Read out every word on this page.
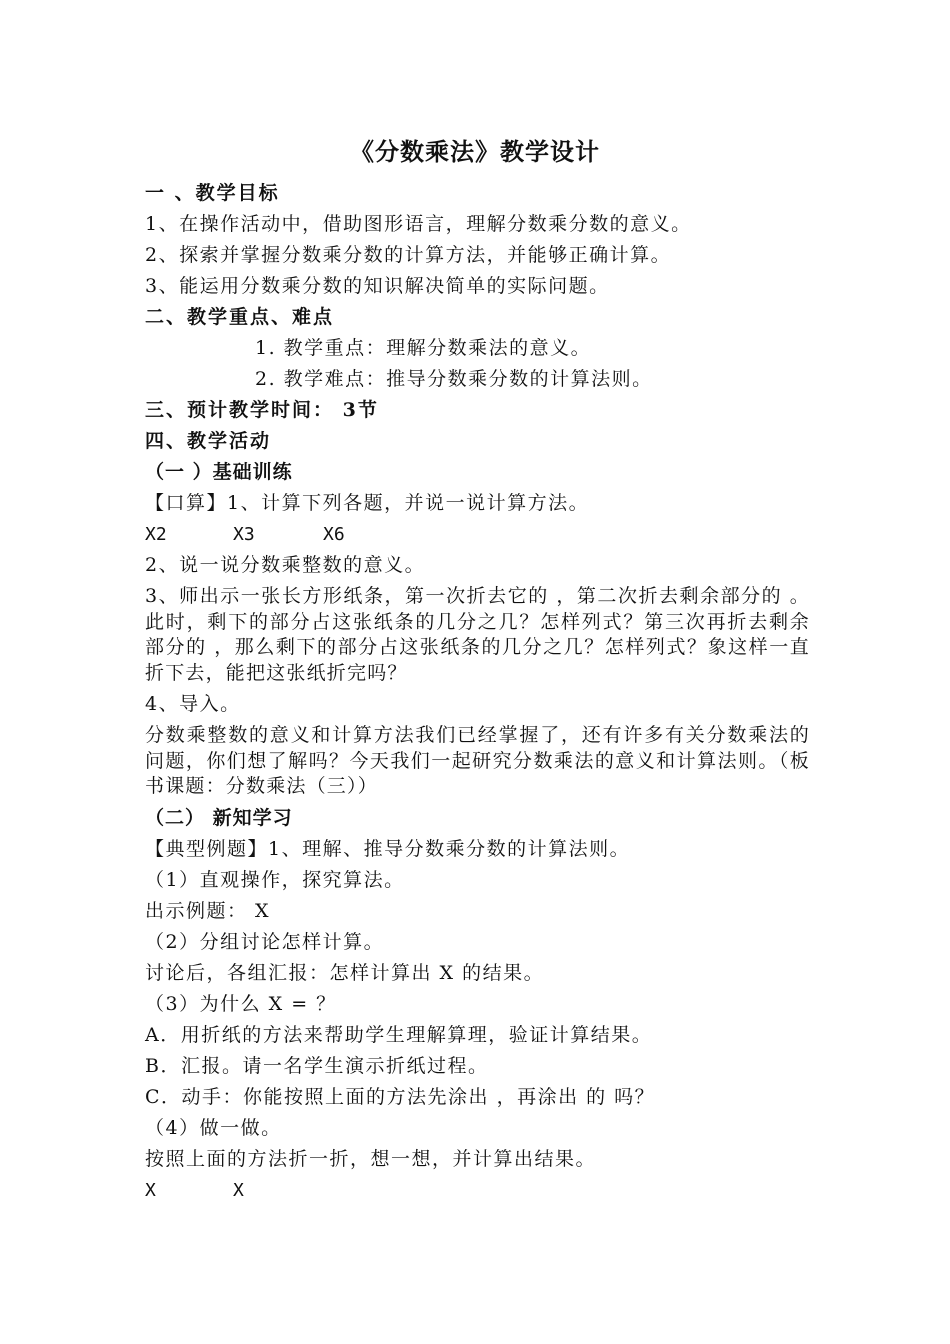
《分数乘法》教学设计
一 、教学目标
1、在操作活动中，借助图形语言，理解分数乘分数的意义。
2、探索并掌握分数乘分数的计算方法，并能够正确计算。
3、能运用分数乘分数的知识解决简单的实际问题。
二、教学重点、难点
1. 教学重点：理解分数乘法的意义。
2. 教学难点：推导分数乘分数的计算法则。
三、预计教学时间： 3节
四、教学活动
（一 ）基础训练
【口算】1、计算下列各题，并说一说计算方法。
X2	X3	X6
2、说一说分数乘整数的意义。
3、师出示一张长方形纸条，第一次折去它的 ，第二次折去剩余部分的 。此时，剩下的部分占这张纸条的几分之几？怎样列式？第三次再折去剩余部分的 ，那么剩下的部分占这张纸条的几分之几？怎样列式？象这样一直折下去，能把这张纸折完吗？
4、导入。
分数乘整数的意义和计算方法我们已经掌握了，还有许多有关分数乘法的问题，你们想了解吗？今天我们一起研究分数乘法的意义和计算法则。（板书课题：分数乘法（三））
（二） 新知学习
【典型例题】1、理解、推导分数乘分数的计算法则。
（1）直观操作，探究算法。
出示例题： X
（2）分组讨论怎样计算。
讨论后，各组汇报：怎样计算出 X 的结果。
（3）为什么 X = ？
A．用折纸的方法来帮助学生理解算理，验证计算结果。
B．汇报。请一名学生演示折纸过程。
C．动手：你能按照上面的方法先涂出 ，再涂出 的 吗？
（4）做一做。
按照上面的方法折一折，想一想，并计算出结果。
X	X
